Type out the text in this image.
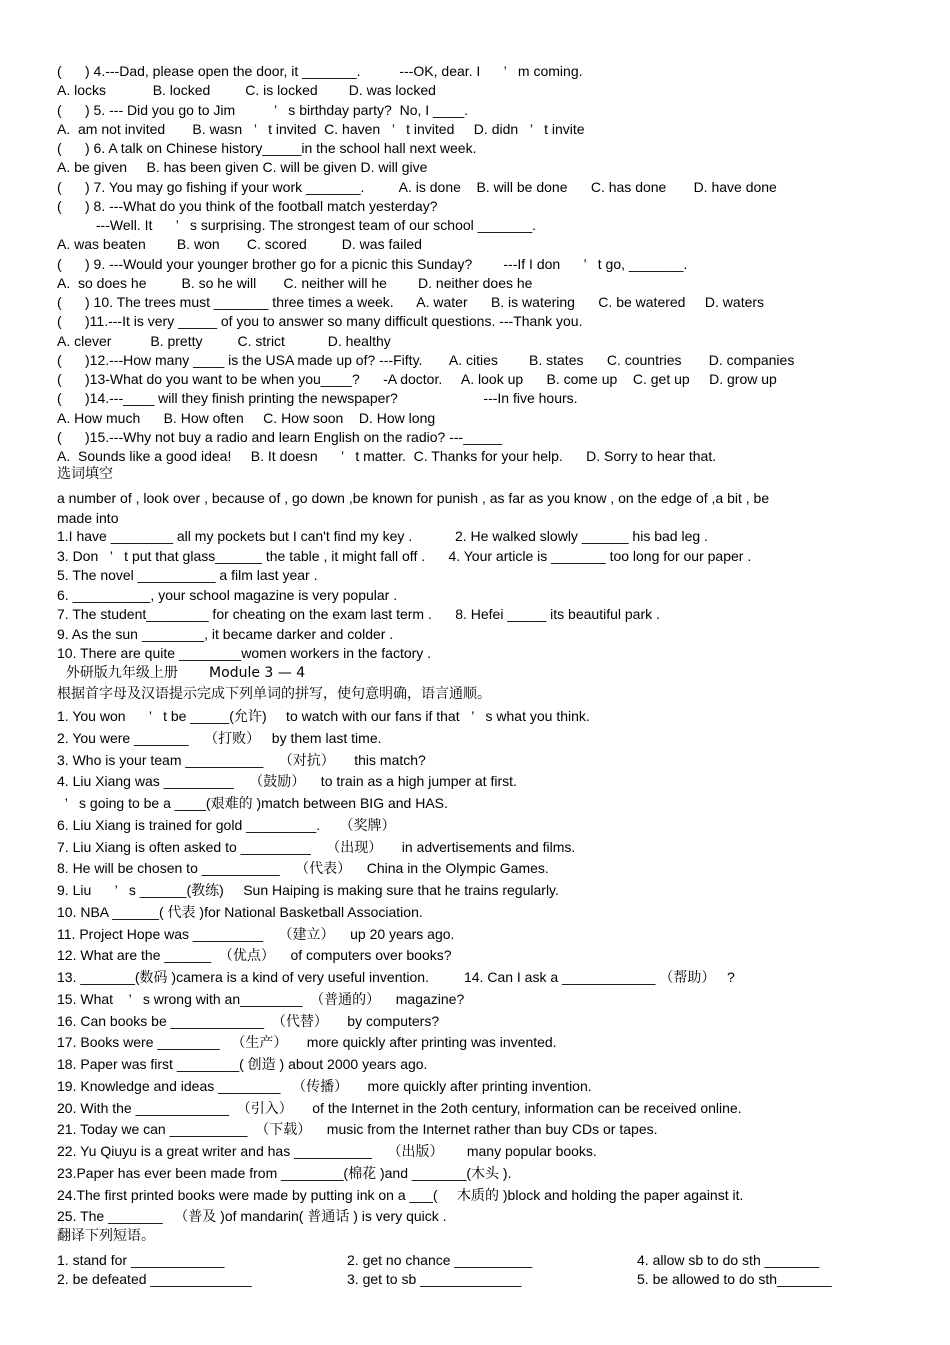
(      ) 4.---Dad, please open the door, it _______.          ---OK, dear. I      ’   m coming.
A. locks            B. locked         C. is locked        D. was locked
(      ) 5. --- Did you go to Jim          ’   s birthday party?  No, I ____.
A.  am not invited       B. wasn   ’   t invited  C. haven   ’   t invited     D. didn   ’   t invite
(      ) 6. A talk on Chinese history_____in the school hall next week.
A. be given     B. has been given C. will be given D. will give
(      ) 7. You may go fishing if your work _______.         A. is done    B. will be done      C. has done       D. have done
(      ) 8. ---What do you think of the football match yesterday?
---Well. It      ’   s surprising. The strongest team of our school _______.
A. was beaten        B. won       C. scored         D. was failed
(      ) 9. ---Would your younger brother go for a picnic this Sunday?        ---If I don      ’   t go, _______.
A.  so does he         B. so he will       C. neither will he        D. neither does he
(      ) 10. The trees must _______ three times a week.      A. water      B. is watering      C. be watered     D. waters
(      )11.---It is very _____ of you to answer so many difficult questions. ---Thank you.
A. clever          B. pretty         C. strict           D. healthy
(      )12.---How many ____ is the USA made up of? ---Fifty.       A. cities        B. states      C. countries       D. companies
(      )13-What do you want to be when you____?      -A doctor.     A. look up      B. come up    C. get up     D. grow up
(      )14.---____ will they finish printing the newspaper?                      ---In five hours.
A. How much      B. How often     C. How soon    D. How long
(      )15.---Why not buy a radio and learn English on the radio? ---_____
A.  Sounds like a good idea!     B. It doesn      ’   t matter.  C. Thanks for your help.      D. Sorry to hear that.
选词填空
a number of , look over , because of , go down ,be known for punish , as far as you know , on the edge of ,a bit , be
made into
1.I have ________ all my pockets but I can't find my key .           2. He walked slowly ______ his bad leg .
3. Don   ’   t put that glass______ the table , it might fall off .      4. Your article is _______ too long for our paper .
5. The novel __________ a film last year .
6. __________, your school magazine is very popular .
7. The student________ for cheating on the exam last term .      8. Hefei _____ its beautiful park .
9. As the sun ________, it became darker and colder .
10. There are quite ________women workers in the factory .
外研版九年级上册       Module 3 — 4
根据首字母及汉语提示完成下列单词的拼写，使句意明确，语言通顺。
1. You won      ’   t be _____(允许)     to watch with our fans if that   ’   s what you think.
2. You were _______    （打败）   by them last time.
3. Who is your team __________    （对抗）     this match?
4. Liu Xiang was _________    （鼓励）    to train as a high jumper at first.
’   s going to be a ____(艰难的 )match between BIG and HAS.
6. Liu Xiang is trained for gold _________.     （奖牌）
7. Liu Xiang is often asked to _________    （出现）     in advertisements and films.
8. He will be chosen to __________    （代表）    China in the Olympic Games.
9. Liu      ’   s ______(教练)     Sun Haiping is making sure that he trains regularly.
10. NBA ______( 代表 )for National Basketball Association.
11. Project Hope was _________    （建立）    up 20 years ago.
12. What are the ______  （优点）    of computers over books?
13. _______(数码 )camera is a kind of very useful invention.         14. Can I ask a ____________ （帮助）   ?
15. What    ’   s wrong with an________  （普通的）    magazine?
16. Can books be ____________  （代替）     by computers?
17. Books were ________   （生产）     more quickly after printing was invented.
18. Paper was first ________( 创造 ) about 2000 years ago.
19. Knowledge and ideas ________   （传播）     more quickly after printing invention.
20. With the ____________  （引入）     of the Internet in the 2oth century, information can be received online.
21. Today we can __________  （下载）    music from the Internet rather than buy CDs or tapes.
22. Yu Qiuyu is a great writer and has __________    （出版）      many popular books.
23.Paper has ever been made from ________(棉花 )and _______(木头 ).
24.The first printed books were made by putting ink on a ___(     木质的 )block and holding the paper against it.
25. The _______   （普及 )of mandarin( 普通话 ) is very quick .
翻译下列短语。
1. stand for ____________	2. get no chance __________	4. allow sb to do sth _______
2. be defeated _____________	3. get to sb _____________	5. be allowed to do sth_______
